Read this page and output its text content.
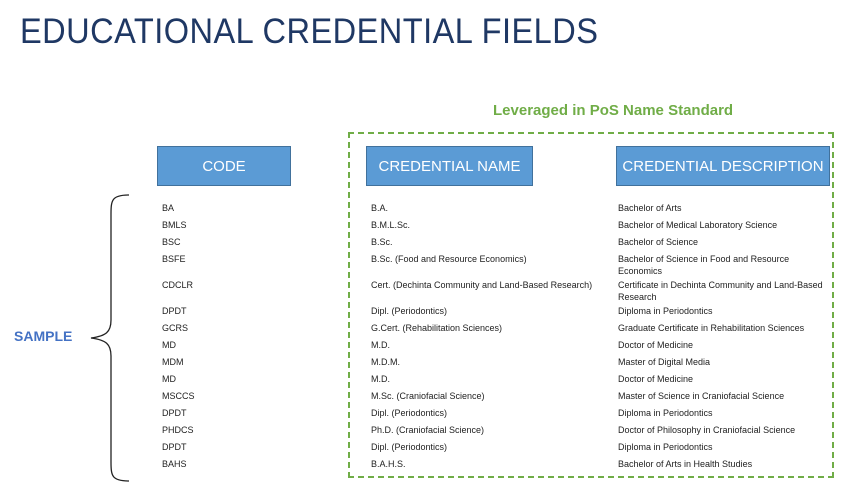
EDUCATIONAL CREDENTIAL FIELDS
Leveraged in PoS Name Standard
CODE	CREDENTIAL NAME	CREDENTIAL DESCRIPTION
SAMPLE
BA	B.A.	Bachelor of Arts
BMLS	B.M.L.Sc.	Bachelor of Medical Laboratory Science
BSC	B.Sc.	Bachelor of Science
BSFE	B.Sc. (Food and Resource Economics)	Bachelor of Science in Food and Resource Economics
CDCLR	Cert. (Dechinta Community and Land-Based Research)	Certificate in Dechinta Community and Land-Based Research
DPDT	Dipl. (Periodontics)	Diploma in Periodontics
GCRS	G.Cert. (Rehabilitation Sciences)	Graduate Certificate in Rehabilitation Sciences
MD	M.D.	Doctor of Medicine
MDM	M.D.M.	Master of Digital Media
MD	M.D.	Doctor of Medicine
MSCCS	M.Sc. (Craniofacial Science)	Master of Science in Craniofacial Science
DPDT	Dipl. (Periodontics)	Diploma in Periodontics
PHDCS	Ph.D. (Craniofacial Science)	Doctor of Philosophy in Craniofacial Science
DPDT	Dipl. (Periodontics)	Diploma in Periodontics
BAHS	B.A.H.S.	Bachelor of Arts in Health Studies
